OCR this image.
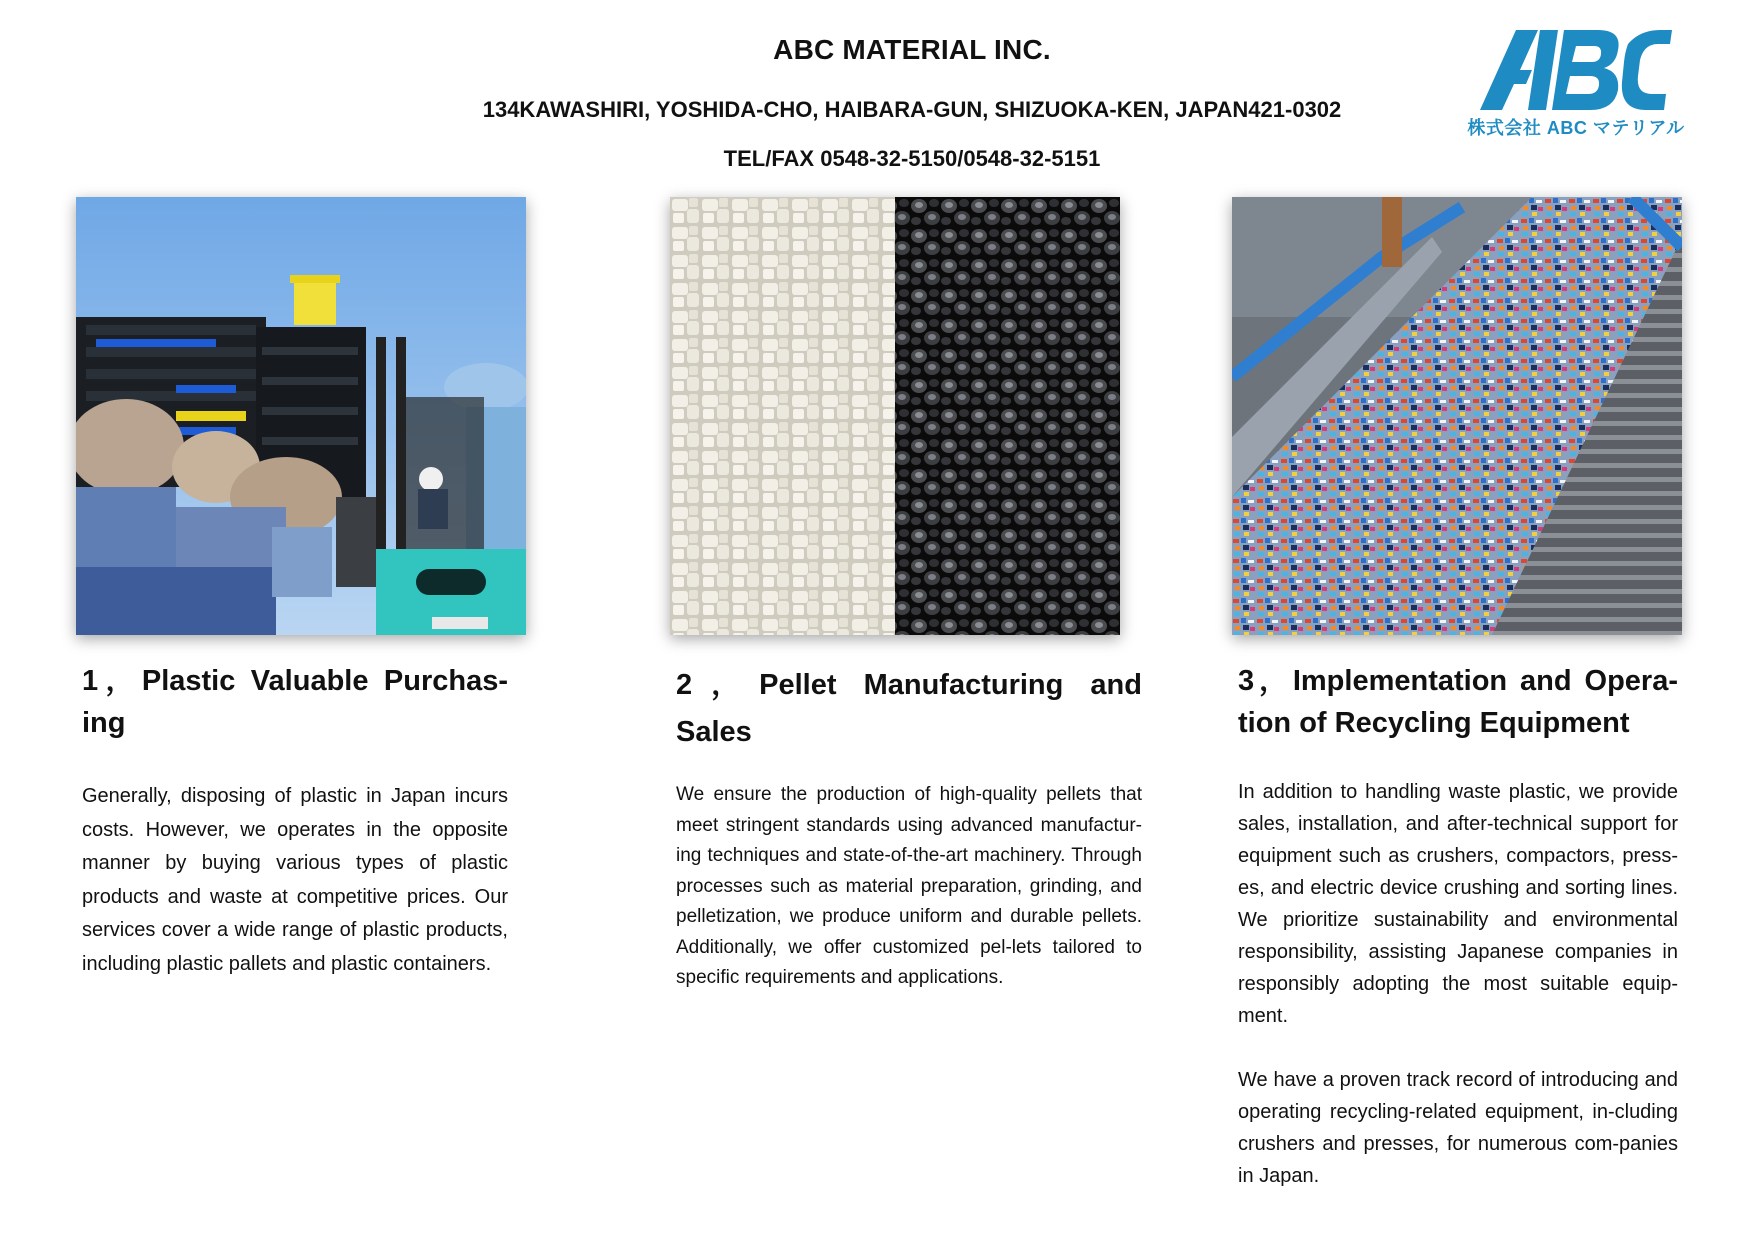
ABC MATERIAL INC.
134KAWASHIRI, YOSHIDA-CHO, HAIBARA-GUN, SHIZUOKA-KEN, JAPAN421-0302
TEL/FAX 0548-32-5150/0548-32-5151
株式会社 ABC マテリアル
1，Plastic Valuable Purchas-ing
Generally, disposing of plastic in Japan incurs costs. However, we operates in the opposite manner by buying various types of plastic products and waste at competitive prices. Our services cover a wide range of plastic products, including plastic pallets and plastic containers.
2，Pellet Manufacturing and Sales
We ensure the production of high-quality pellets that meet stringent standards using advanced manufactur-ing techniques and state-of-the-art machinery. Through processes such as material preparation, grinding, and pelletization, we produce uniform and durable pellets. Additionally, we offer customized pel-lets tailored to specific requirements and applications.
3，Implementation and Opera-tion of Recycling Equipment
In addition to handling waste plastic, we provide sales, installation, and after-technical support for equipment such as crushers, compactors, press-es, and electric device crushing and sorting lines. We prioritize sustainability and environmental responsibility, assisting Japanese companies in responsibly adopting the most suitable equip-ment.
We have a proven track record of introducing and operating recycling-related equipment, in-cluding crushers and presses, for numerous com-panies in Japan.
